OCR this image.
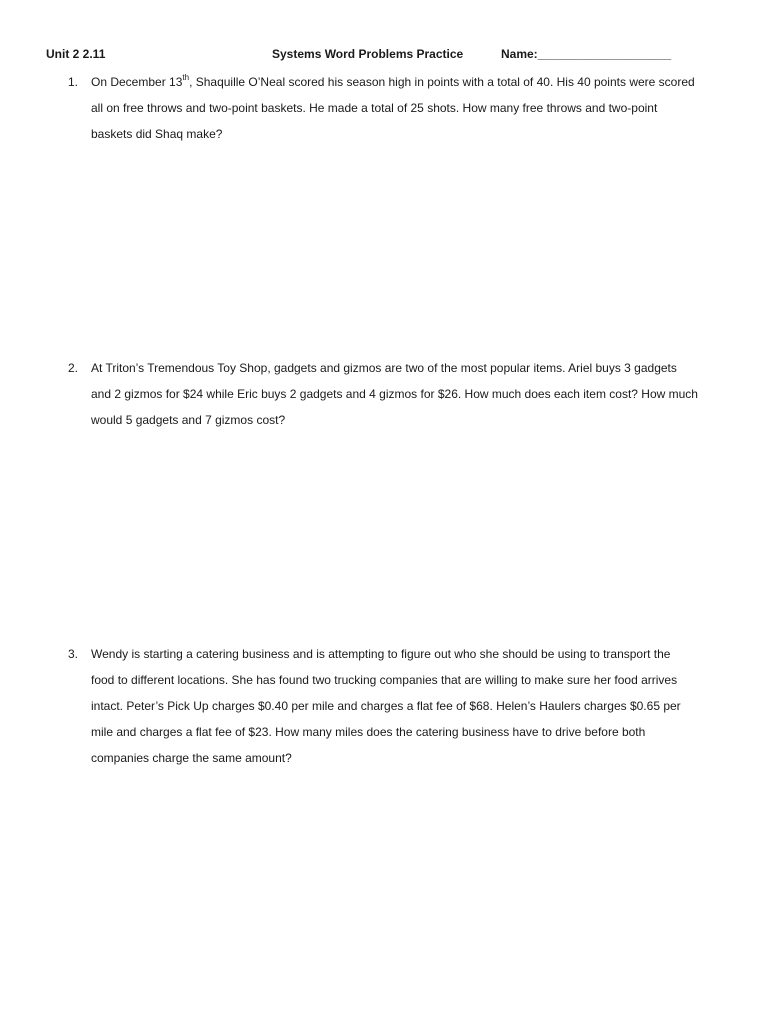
Unit 2 2.11	Systems Word Problems Practice	Name:____________________
1. On December 13th, Shaquille O’Neal scored his season high in points with a total of 40. His 40 points were scored
all on free throws and two-point baskets. He made a total of 25 shots. How many free throws and two-point
baskets did Shaq make?
2. At Triton’s Tremendous Toy Shop, gadgets and gizmos are two of the most popular items. Ariel buys 3 gadgets
and 2 gizmos for $24 while Eric buys 2 gadgets and 4 gizmos for $26. How much does each item cost? How much
would 5 gadgets and 7 gizmos cost?
3. Wendy is starting a catering business and is attempting to figure out who she should be using to transport the
food to different locations. She has found two trucking companies that are willing to make sure her food arrives
intact. Peter’s Pick Up charges $0.40 per mile and charges a flat fee of $68. Helen’s Haulers charges $0.65 per
mile and charges a flat fee of $23. How many miles does the catering business have to drive before both
companies charge the same amount?
